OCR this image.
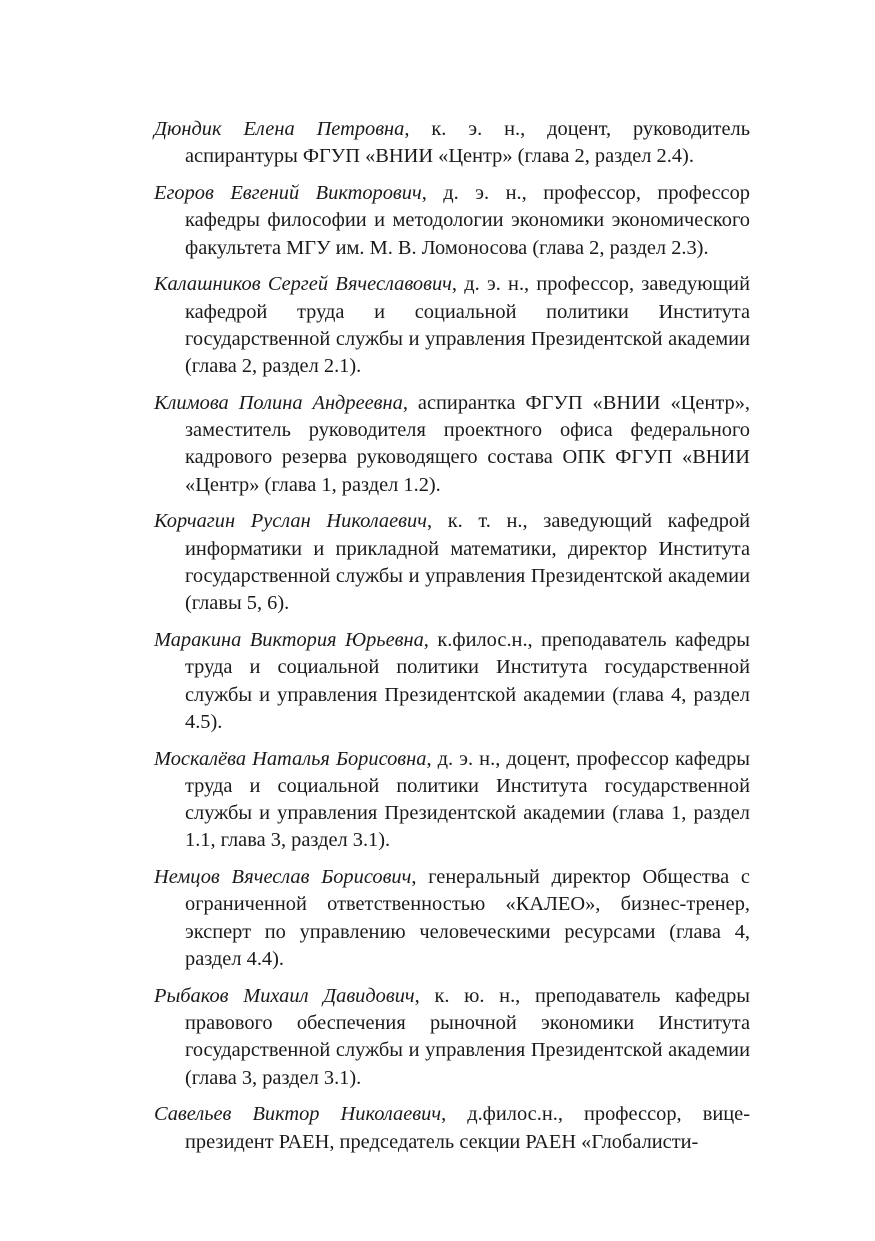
Дюндик Елена Петровна, к. э. н., доцент, руководитель аспирантуры ФГУП «ВНИИ «Центр» (глава 2, раздел 2.4).

Егоров Евгений Викторович, д. э. н., профессор, профессор кафедры философии и методологии экономики экономического факультета МГУ им. М. В. Ломоносова (глава 2, раздел 2.3).

Калашников Сергей Вячеславович, д. э. н., профессор, заведующий кафедрой труда и социальной политики Института государственной службы и управления Президентской академии (глава 2, раздел 2.1).

Климова Полина Андреевна, аспирантка ФГУП «ВНИИ «Центр», заместитель руководителя проектного офиса федерального кадрового резерва руководящего состава ОПК ФГУП «ВНИИ «Центр» (глава 1, раздел 1.2).

Корчагин Руслан Николаевич, к. т. н., заведующий кафедрой информатики и прикладной математики, директор Института государственной службы и управления Президентской академии (главы 5, 6).

Маракина Виктория Юрьевна, к.филос.н., преподаватель кафедры труда и социальной политики Института государственной службы и управления Президентской академии (глава 4, раздел 4.5).

Москалёва Наталья Борисовна, д. э. н., доцент, профессор кафедры труда и социальной политики Института государственной службы и управления Президентской академии (глава 1, раздел 1.1, глава 3, раздел 3.1).

Немцов Вячеслав Борисович, генеральный директор Общества с ограниченной ответственностью «КАЛЕО», бизнес-тренер, эксперт по управлению человеческими ресурсами (глава 4, раздел 4.4).

Рыбаков Михаил Давидович, к. ю. н., преподаватель кафедры правового обеспечения рыночной экономики Института государственной службы и управления Президентской академии (глава 3, раздел 3.1).

Савельев Виктор Николаевич, д.филос.н., профессор, вице-президент РАЕН, председатель секции РАЕН «Глобалисти-
